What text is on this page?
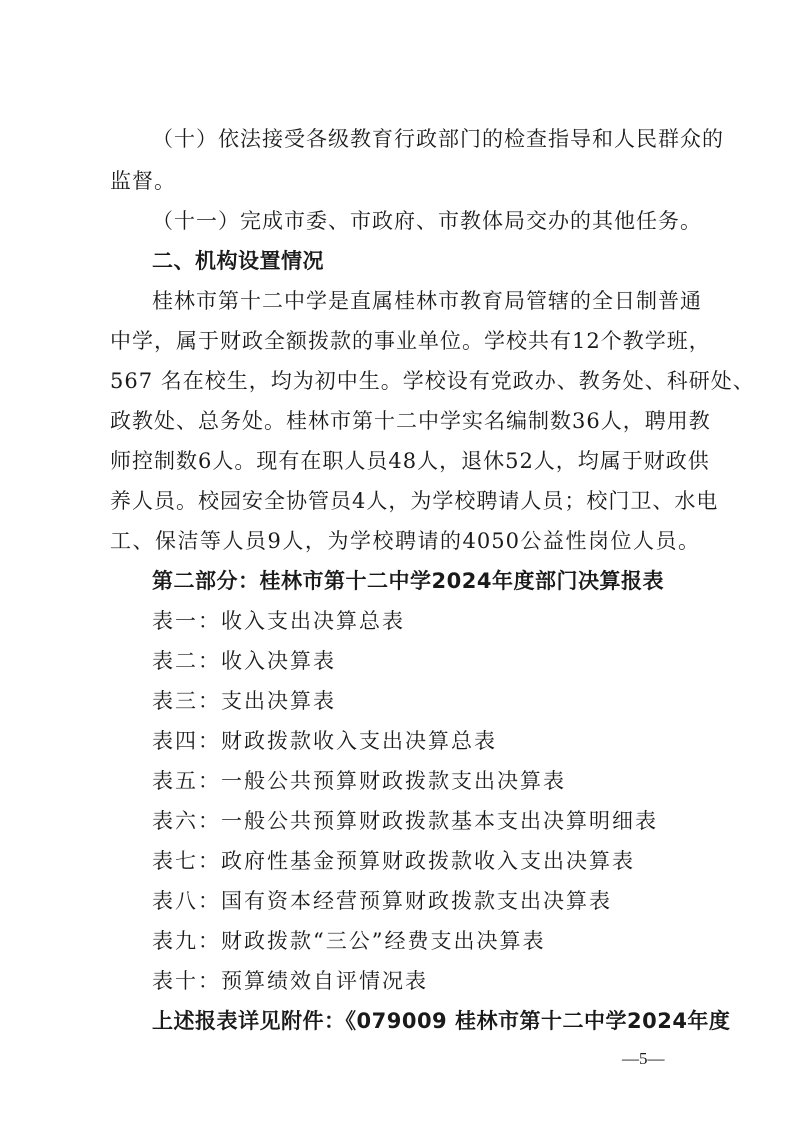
（十）依法接受各级教育行政部门的检查指导和人民群众的
监督。
（十一）完成市委、市政府、市教体局交办的其他任务。
二、机构设置情况
桂林市第十二中学是直属桂林市教育局管辖的全日制普通
中学，属于财政全额拨款的事业单位。学校共有12个教学班，
567 名在校生，均为初中生。学校设有党政办、教务处、科研处、
政教处、总务处。桂林市第十二中学实名编制数36人，聘用教
师控制数6人。现有在职人员48人，退休52人，均属于财政供
养人员。校园安全协管员4人，为学校聘请人员；校门卫、水电
工、保洁等人员9人，为学校聘请的4050公益性岗位人员。
第二部分：桂林市第十二中学2024年度部门决算报表
表一：收入支出决算总表
表二：收入决算表
表三：支出决算表
表四：财政拨款收入支出决算总表
表五：一般公共预算财政拨款支出决算表
表六：一般公共预算财政拨款基本支出决算明细表
表七：政府性基金预算财政拨款收入支出决算表
表八：国有资本经营预算财政拨款支出决算表
表九：财政拨款“三公”经费支出决算表
表十：预算绩效自评情况表
上述报表详见附件：《079009 桂林市第十二中学2024年度
—5—
